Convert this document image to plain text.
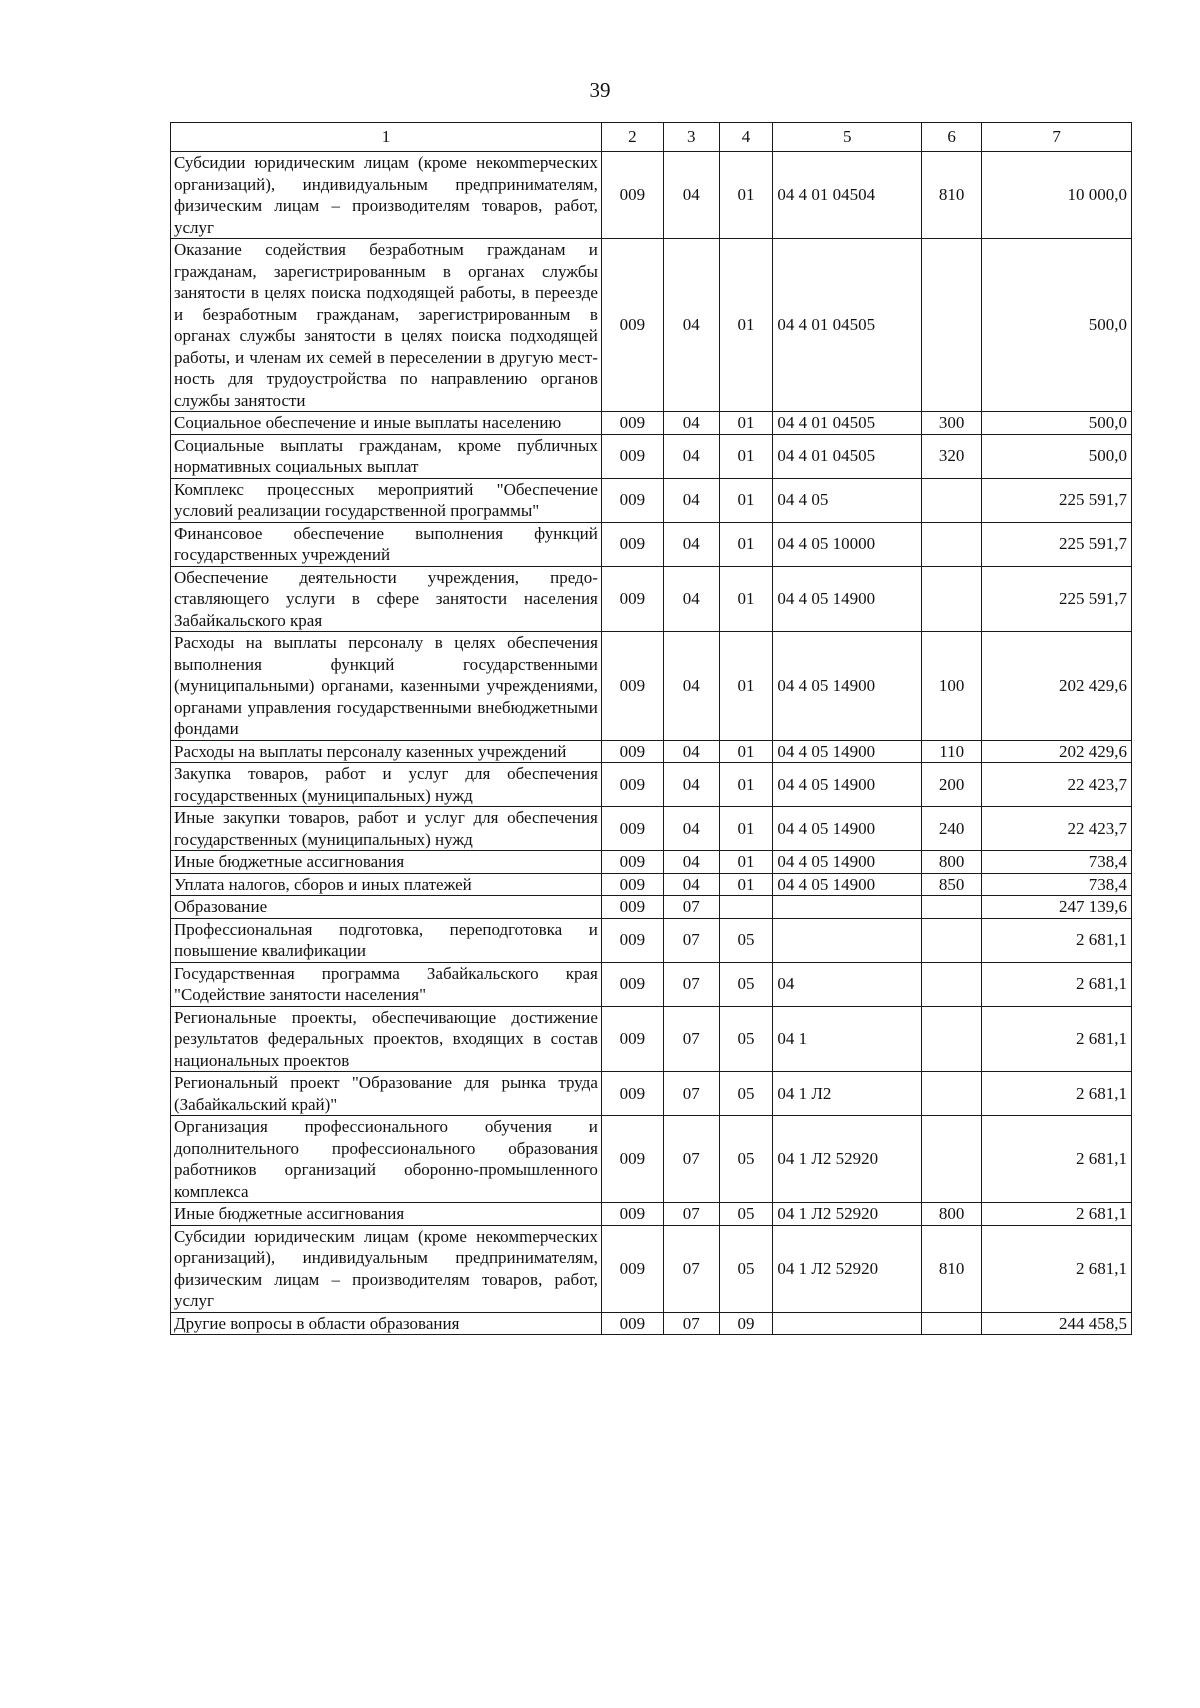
39
1	2	3	4	5	6	7
Субсидии юридическим лицам (кроме некомmерческих организаций), индивидуальным предпринимателям, физическим лицам – производителям товаров, работ, услуг	009	04	01	04 4 01 04504	810	10 000,0
Оказание содействия безработным гражданам и гражданам, зарегистрированным в органах службы занятости в целях поиска подходящей работы, в переезде и безработным гражданам, зарегистрированным в органах службы занятости в целях поиска подходящей работы, и членам их семей в переселении в другую местность для трудоустройства по направлению органов службы занятости	009	04	01	04 4 01 04505		500,0
Социальное обеспечение и иные выплаты населению	009	04	01	04 4 01 04505	300	500,0
Социальные выплаты гражданам, кроме публичных нормативных социальных выплат	009	04	01	04 4 01 04505	320	500,0
Комплекс процессных мероприятий "Обеспечение условий реализации государственной программы"	009	04	01	04 4 05		225 591,7
Финансовое обеспечение выполнения функций государственных учреждений	009	04	01	04 4 05 10000		225 591,7
Обеспечение деятельности учреждения, предоставляющего услуги в сфере занятости населения Забайкальского края	009	04	01	04 4 05 14900		225 591,7
Расходы на выплаты персоналу в целях обеспечения выполнения функций государственными (муниципальными) органами, казенными учреждениями, органами управления государственными внебюджетными фондами	009	04	01	04 4 05 14900	100	202 429,6
Расходы на выплаты персоналу казенных учреждений	009	04	01	04 4 05 14900	110	202 429,6
Закупка товаров, работ и услуг для обеспечения государственных (муниципальных) нужд	009	04	01	04 4 05 14900	200	22 423,7
Иные закупки товаров, работ и услуг для обеспечения государственных (муниципальных) нужд	009	04	01	04 4 05 14900	240	22 423,7
Иные бюджетные ассигнования	009	04	01	04 4 05 14900	800	738,4
Уплата налогов, сборов и иных платежей	009	04	01	04 4 05 14900	850	738,4
Образование	009	07				247 139,6
Профессиональная подготовка, переподготовка и повышение квалификации	009	07	05			2 681,1
Государственная программа Забайкальского края "Содействие занятости населения"	009	07	05	04		2 681,1
Региональные проекты, обеспечивающие достижение результатов федеральных проектов, входящих в состав национальных проектов	009	07	05	04 1		2 681,1
Региональный проект "Образование для рынка труда (Забайкальский край)"	009	07	05	04 1 Л2		2 681,1
Организация профессионального обучения и дополнительного профессионального образования работников организаций оборонно-промышленного комплекса	009	07	05	04 1 Л2 52920		2 681,1
Иные бюджетные ассигнования	009	07	05	04 1 Л2 52920	800	2 681,1
Субсидии юридическим лицам (кроме некомmерческих организаций), индивидуальным предпринимателям, физическим лицам – производителям товаров, работ, услуг	009	07	05	04 1 Л2 52920	810	2 681,1
Другие вопросы в области образования	009	07	09			244 458,5
